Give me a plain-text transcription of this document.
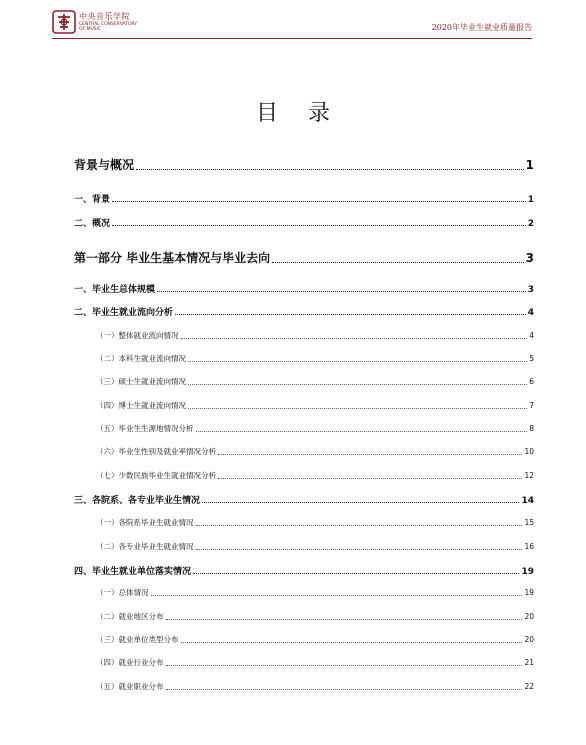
中央音乐学院
CENTRAL CONSERVATORY
OF MUSIC	2020年毕业生就业质量报告
目录
背景与概况	1
一、背景	1
二、概况	2
第一部分 毕业生基本情况与毕业去向	3
一、毕业生总体规模	3
二、毕业生就业流向分析	4
（一）整体就业流向情况	4
（二）本科生就业流向情况	5
（三）硕士生就业流向情况	6
（四）博士生就业流向情况	7
（五）毕业生生源地情况分析	8
（六）毕业生性别及就业率情况分析	10
（七）少数民族毕业生就业情况分析	12
三、各院系、各专业毕业生情况	14
（一）各院系毕业生就业情况	15
（二）各专业毕业生就业情况	16
四、毕业生就业单位落实情况	19
（一）总体情况	19
（二）就业地区分布	20
（三）就业单位类型分布	20
（四）就业行业分布	21
（五）就业职业分布	22
